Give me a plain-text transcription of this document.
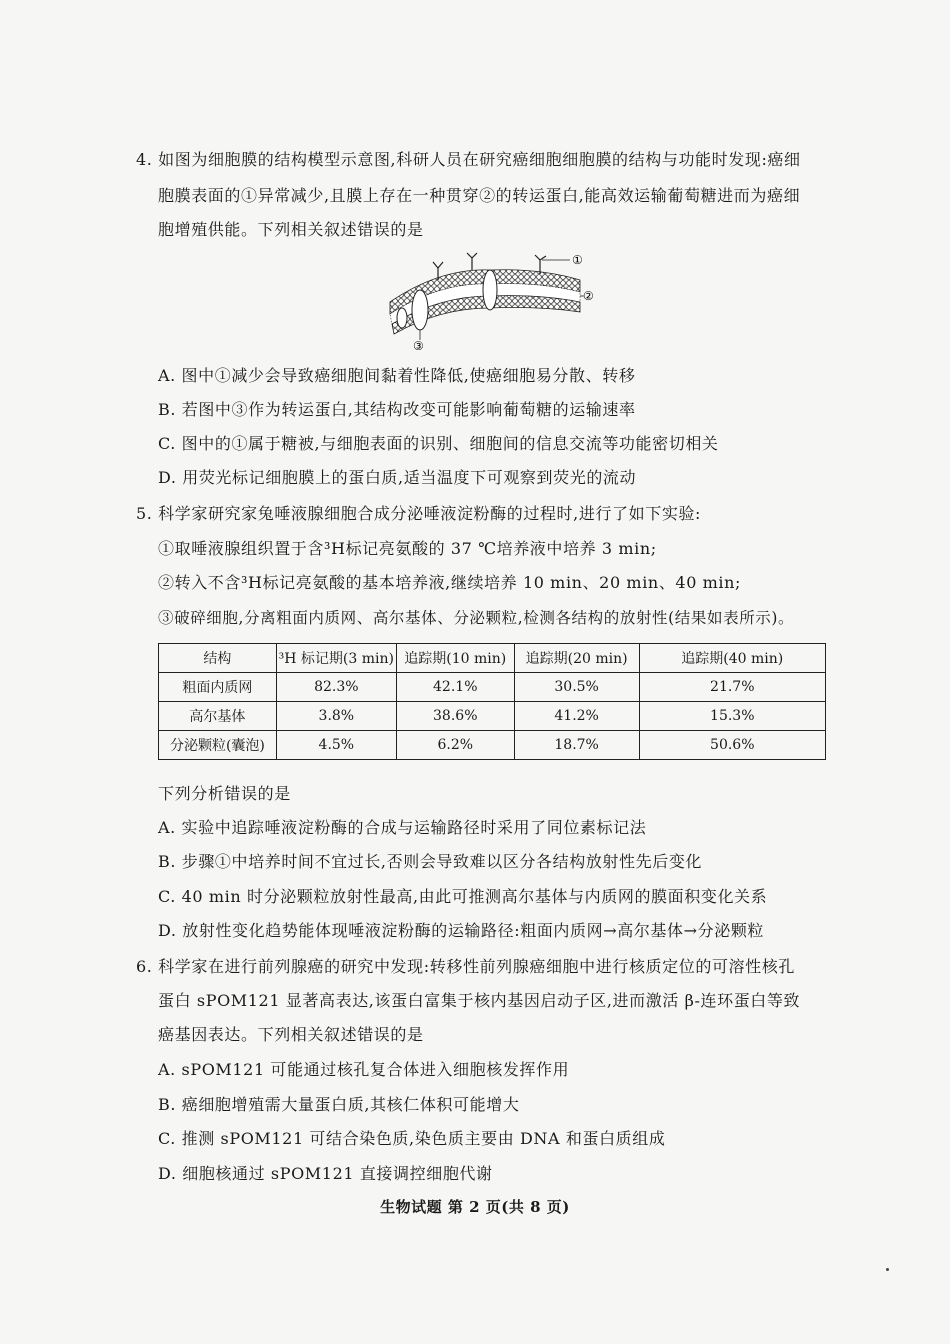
4. 如图为细胞膜的结构模型示意图,科研人员在研究癌细胞细胞膜的结构与功能时发现:癌细
胞膜表面的①异常减少,且膜上存在一种贯穿②的转运蛋白,能高效运输葡萄糖进而为癌细
胞增殖供能。下列相关叙述错误的是
①
②
③
A. 图中①减少会导致癌细胞间黏着性降低,使癌细胞易分散、转移
B. 若图中③作为转运蛋白,其结构改变可能影响葡萄糖的运输速率
C. 图中的①属于糖被,与细胞表面的识别、细胞间的信息交流等功能密切相关
D. 用荧光标记细胞膜上的蛋白质,适当温度下可观察到荧光的流动
5. 科学家研究家兔唾液腺细胞合成分泌唾液淀粉酶的过程时,进行了如下实验:
①取唾液腺组织置于含³H标记亮氨酸的 37 ℃培养液中培养 3 min;
②转入不含³H标记亮氨酸的基本培养液,继续培养 10 min、20 min、40 min;
③破碎细胞,分离粗面内质网、高尔基体、分泌颗粒,检测各结构的放射性(结果如表所示)。
结构	³H 标记期(3 min)	追踪期(10 min)	追踪期(20 min)	追踪期(40 min)
粗面内质网	82.3%	42.1%	30.5%	21.7%
高尔基体	3.8%	38.6%	41.2%	15.3%
分泌颗粒(囊泡)	4.5%	6.2%	18.7%	50.6%
下列分析错误的是
A. 实验中追踪唾液淀粉酶的合成与运输路径时采用了同位素标记法
B. 步骤①中培养时间不宜过长,否则会导致难以区分各结构放射性先后变化
C. 40 min 时分泌颗粒放射性最高,由此可推测高尔基体与内质网的膜面积变化关系
D. 放射性变化趋势能体现唾液淀粉酶的运输路径:粗面内质网→高尔基体→分泌颗粒
6. 科学家在进行前列腺癌的研究中发现:转移性前列腺癌细胞中进行核质定位的可溶性核孔
蛋白 sPOM121 显著高表达,该蛋白富集于核内基因启动子区,进而激活 β-连环蛋白等致
癌基因表达。下列相关叙述错误的是
A. sPOM121 可能通过核孔复合体进入细胞核发挥作用
B. 癌细胞增殖需大量蛋白质,其核仁体积可能增大
C. 推测 sPOM121 可结合染色质,染色质主要由 DNA 和蛋白质组成
D. 细胞核通过 sPOM121 直接调控细胞代谢
生物试题 第 2 页(共 8 页)
